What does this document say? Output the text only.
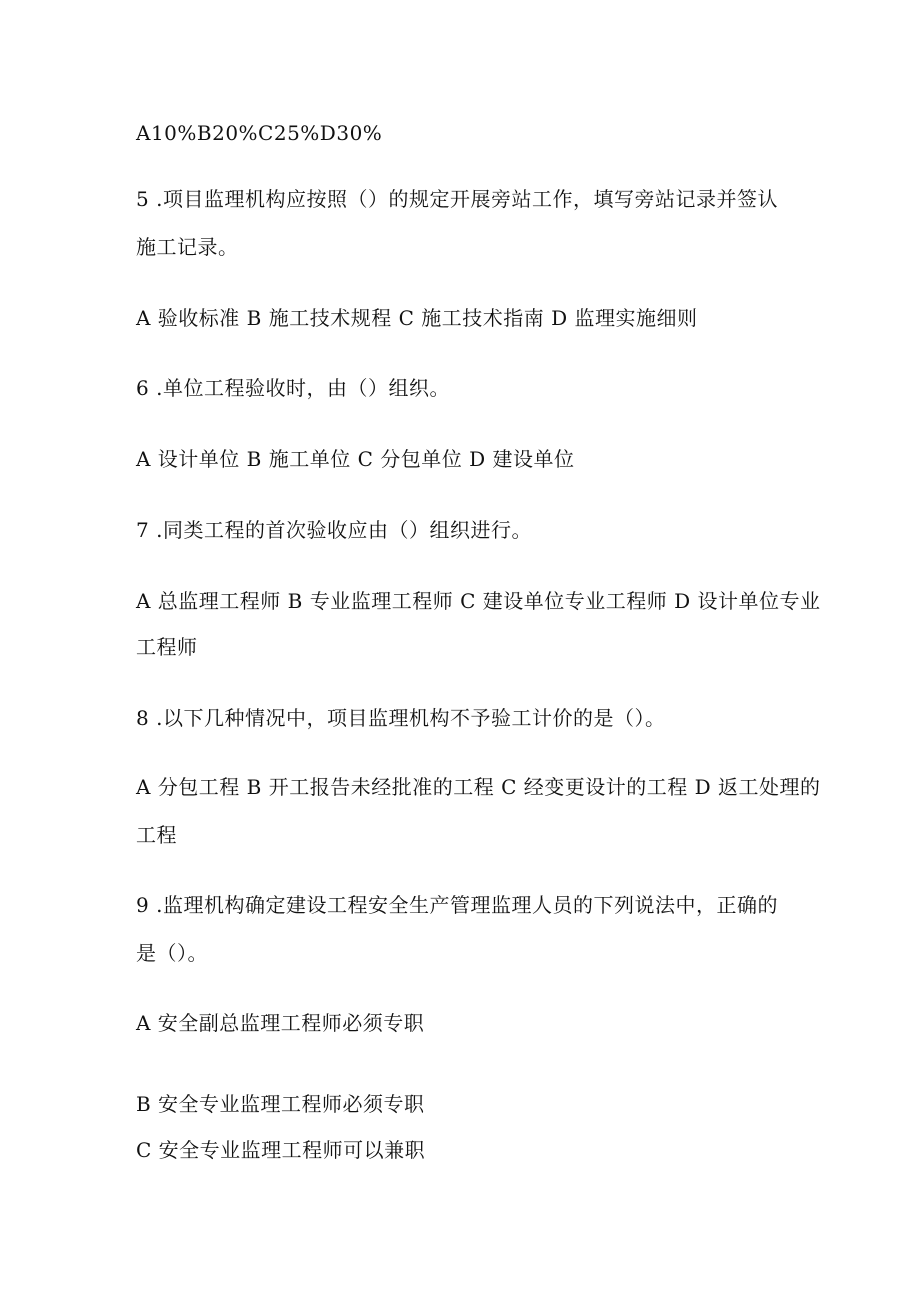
A10%B20%C25%D30%
5 .项目监理机构应按照（）的规定开展旁站工作，填写旁站记录并签认
施工记录。
A 验收标准 B 施工技术规程 C 施工技术指南 D 监理实施细则
6 .单位工程验收时，由（）组织。
A 设计单位 B 施工单位 C 分包单位 D 建设单位
7 .同类工程的首次验收应由（）组织进行。
A 总监理工程师 B 专业监理工程师 C 建设单位专业工程师 D 设计单位专业
工程师
8 .以下几种情况中，项目监理机构不予验工计价的是（）。
A 分包工程 B 开工报告未经批准的工程 C 经变更设计的工程 D 返工处理的
工程
9 .监理机构确定建设工程安全生产管理监理人员的下列说法中，正确的
是（）。
A 安全副总监理工程师必须专职
B 安全专业监理工程师必须专职
C 安全专业监理工程师可以兼职
